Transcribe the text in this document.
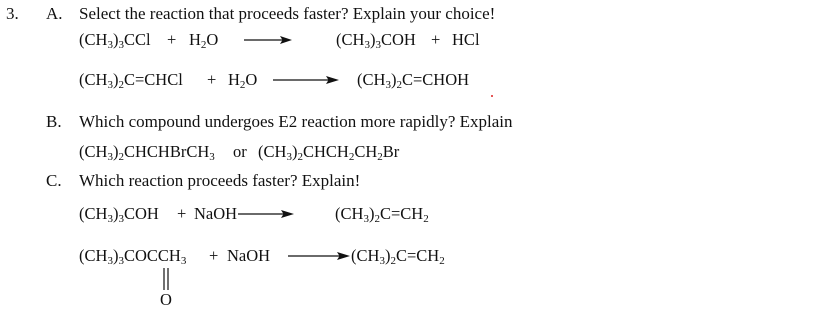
3. A. Select the reaction that proceeds faster? Explain your choice!
$(CH_3)_3CCl + H_2O$	$(CH_3)_3COH$ + HCl
$(CH_3)_2C=CHCl + H_2O$	$(CH_3)_2C=CHOH$
B. Which compound undergoes E2 reaction more rapidly? Explain
$(CH_3)_2CHCHBrCH_3$ or $(CH_3)_2CHCH_2CH_2Br$
C. Which reaction proceeds faster? Explain!
$(CH_3)_3COH$ + NaOH	$(CH_3)_2C=CH_2$
$(CH_3)_3COCCH_3$ + NaOH	$(CH_3)_2C=CH_2$
O
